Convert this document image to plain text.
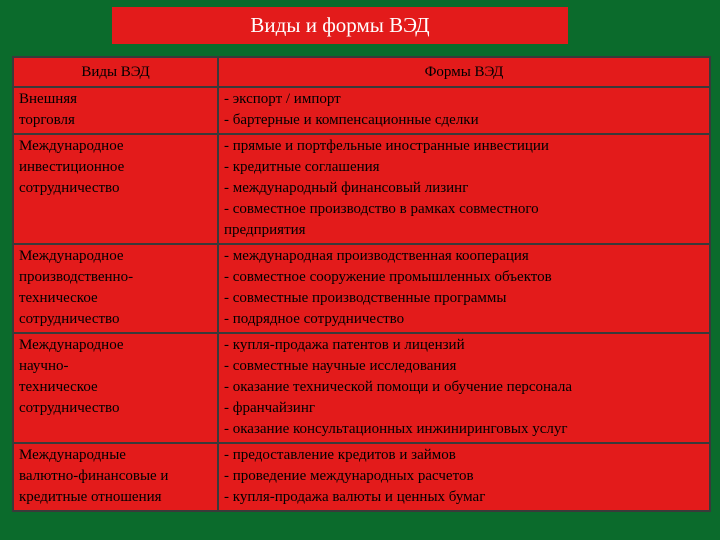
Виды и формы ВЭД
Виды ВЭД	Формы ВЭД
Внешняя
торговля	- экспорт / импорт
- бартерные и компенсационные сделки

Международное
инвестиционное
сотрудничество	- прямые и портфельные иностранные инвестиции
- кредитные соглашения
- международный финансовый лизинг
- совместное производство в рамках совместного
предприятия

Международное
производственно-
техническое
сотрудничество	- международная производственная кооперация
- совместное сооружение промышленных объектов
- совместные производственные программы
- подрядное сотрудничество

Международное
научно-
техническое
сотрудничество	- купля-продажа патентов и лицензий
- совместные научные исследования
- оказание технической помощи и обучение персонала
- франчайзинг
- оказание консультационных инжиниринговых услуг

Международные
валютно-финансовые и
кредитные отношения	- предоставление кредитов и займов
- проведение международных расчетов
- купля-продажа валюты и ценных бумаг
